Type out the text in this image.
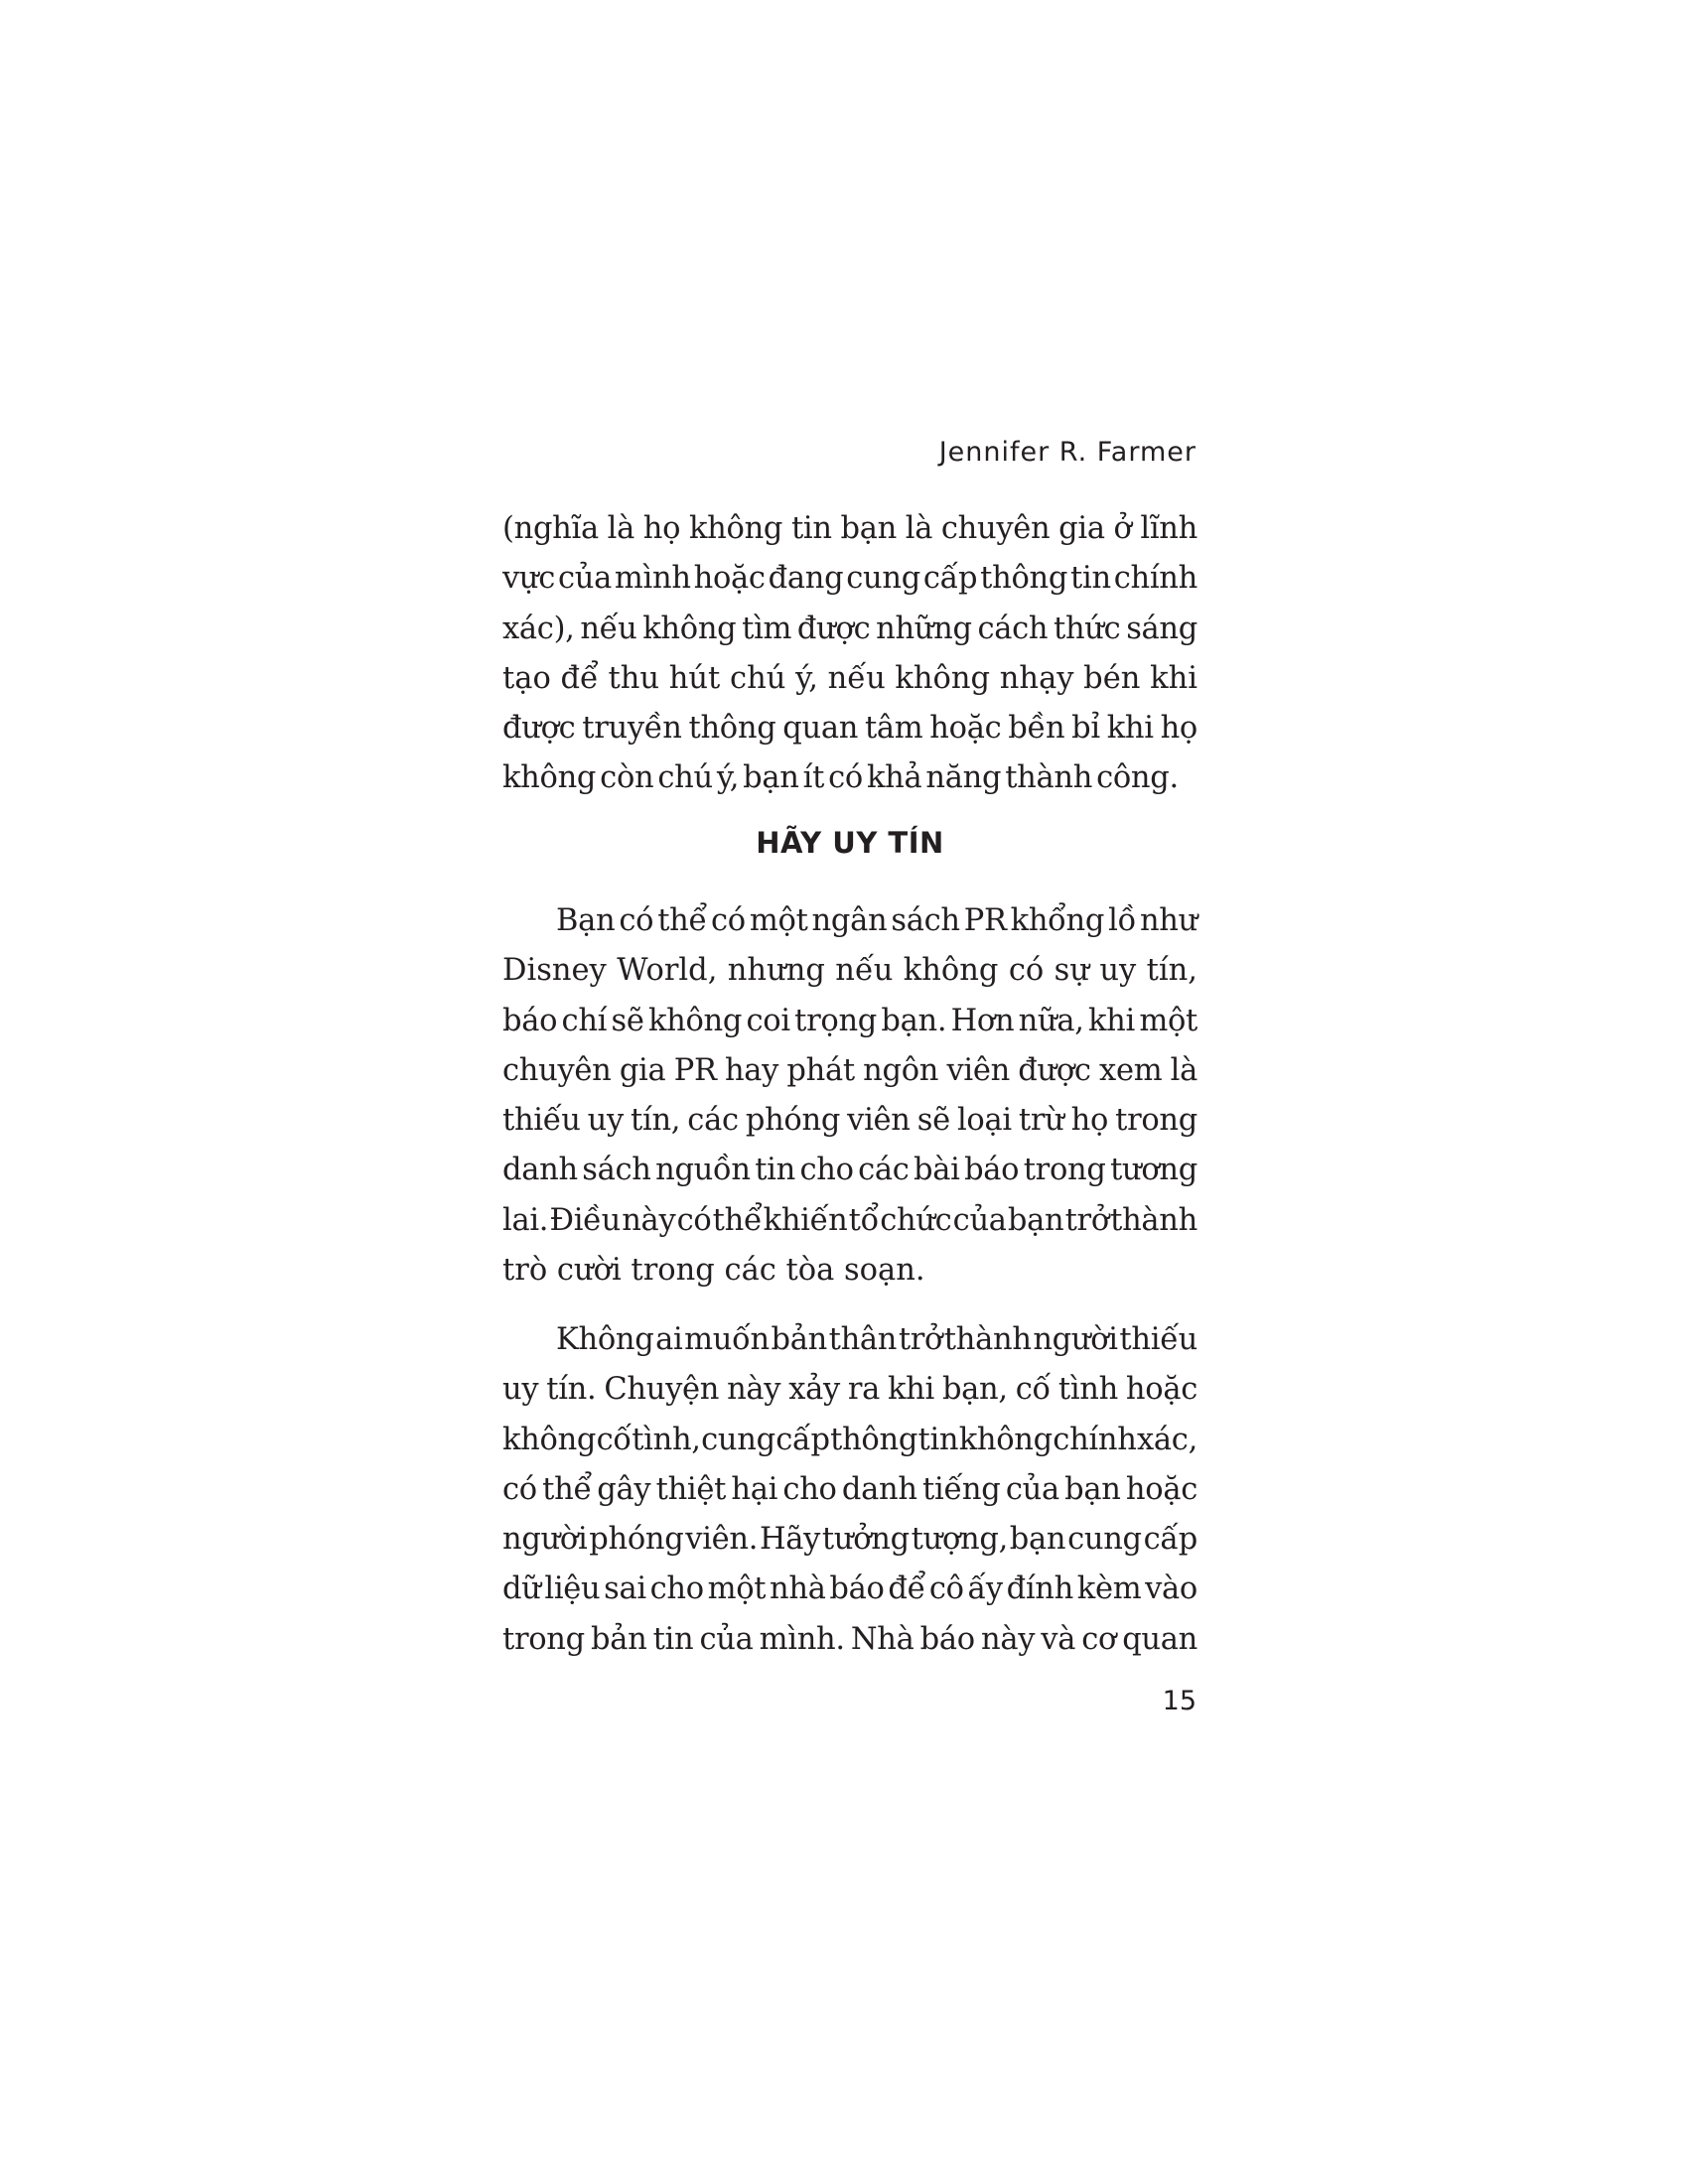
Jennifer R. Farmer
(nghĩa là họ không tin bạn là chuyên gia ở lĩnh
vực của mình hoặc đang cung cấp thông tin chính
xác), nếu không tìm được những cách thức sáng
tạo để thu hút chú ý, nếu không nhạy bén khi
được truyền thông quan tâm hoặc bền bỉ khi họ
không còn chú ý, bạn ít có khả năng thành công.
HÃY UY TÍN
Bạn có thể có một ngân sách PR khổng lồ như
Disney World, nhưng nếu không có sự uy tín,
báo chí sẽ không coi trọng bạn. Hơn nữa, khi một
chuyên gia PR hay phát ngôn viên được xem là
thiếu uy tín, các phóng viên sẽ loại trừ họ trong
danh sách nguồn tin cho các bài báo trong tương
lai. Điều này có thể khiến tổ chức của bạn trở thành
trò cười trong các tòa soạn.
Không ai muốn bản thân trở thành người thiếu
uy tín. Chuyện này xảy ra khi bạn, cố tình hoặc
không cố tình, cung cấp thông tin không chính xác,
có thể gây thiệt hại cho danh tiếng của bạn hoặc
người phóng viên. Hãy tưởng tượng, bạn cung cấp
dữ liệu sai cho một nhà báo để cô ấy đính kèm vào
trong bản tin của mình. Nhà báo này và cơ quan
15
